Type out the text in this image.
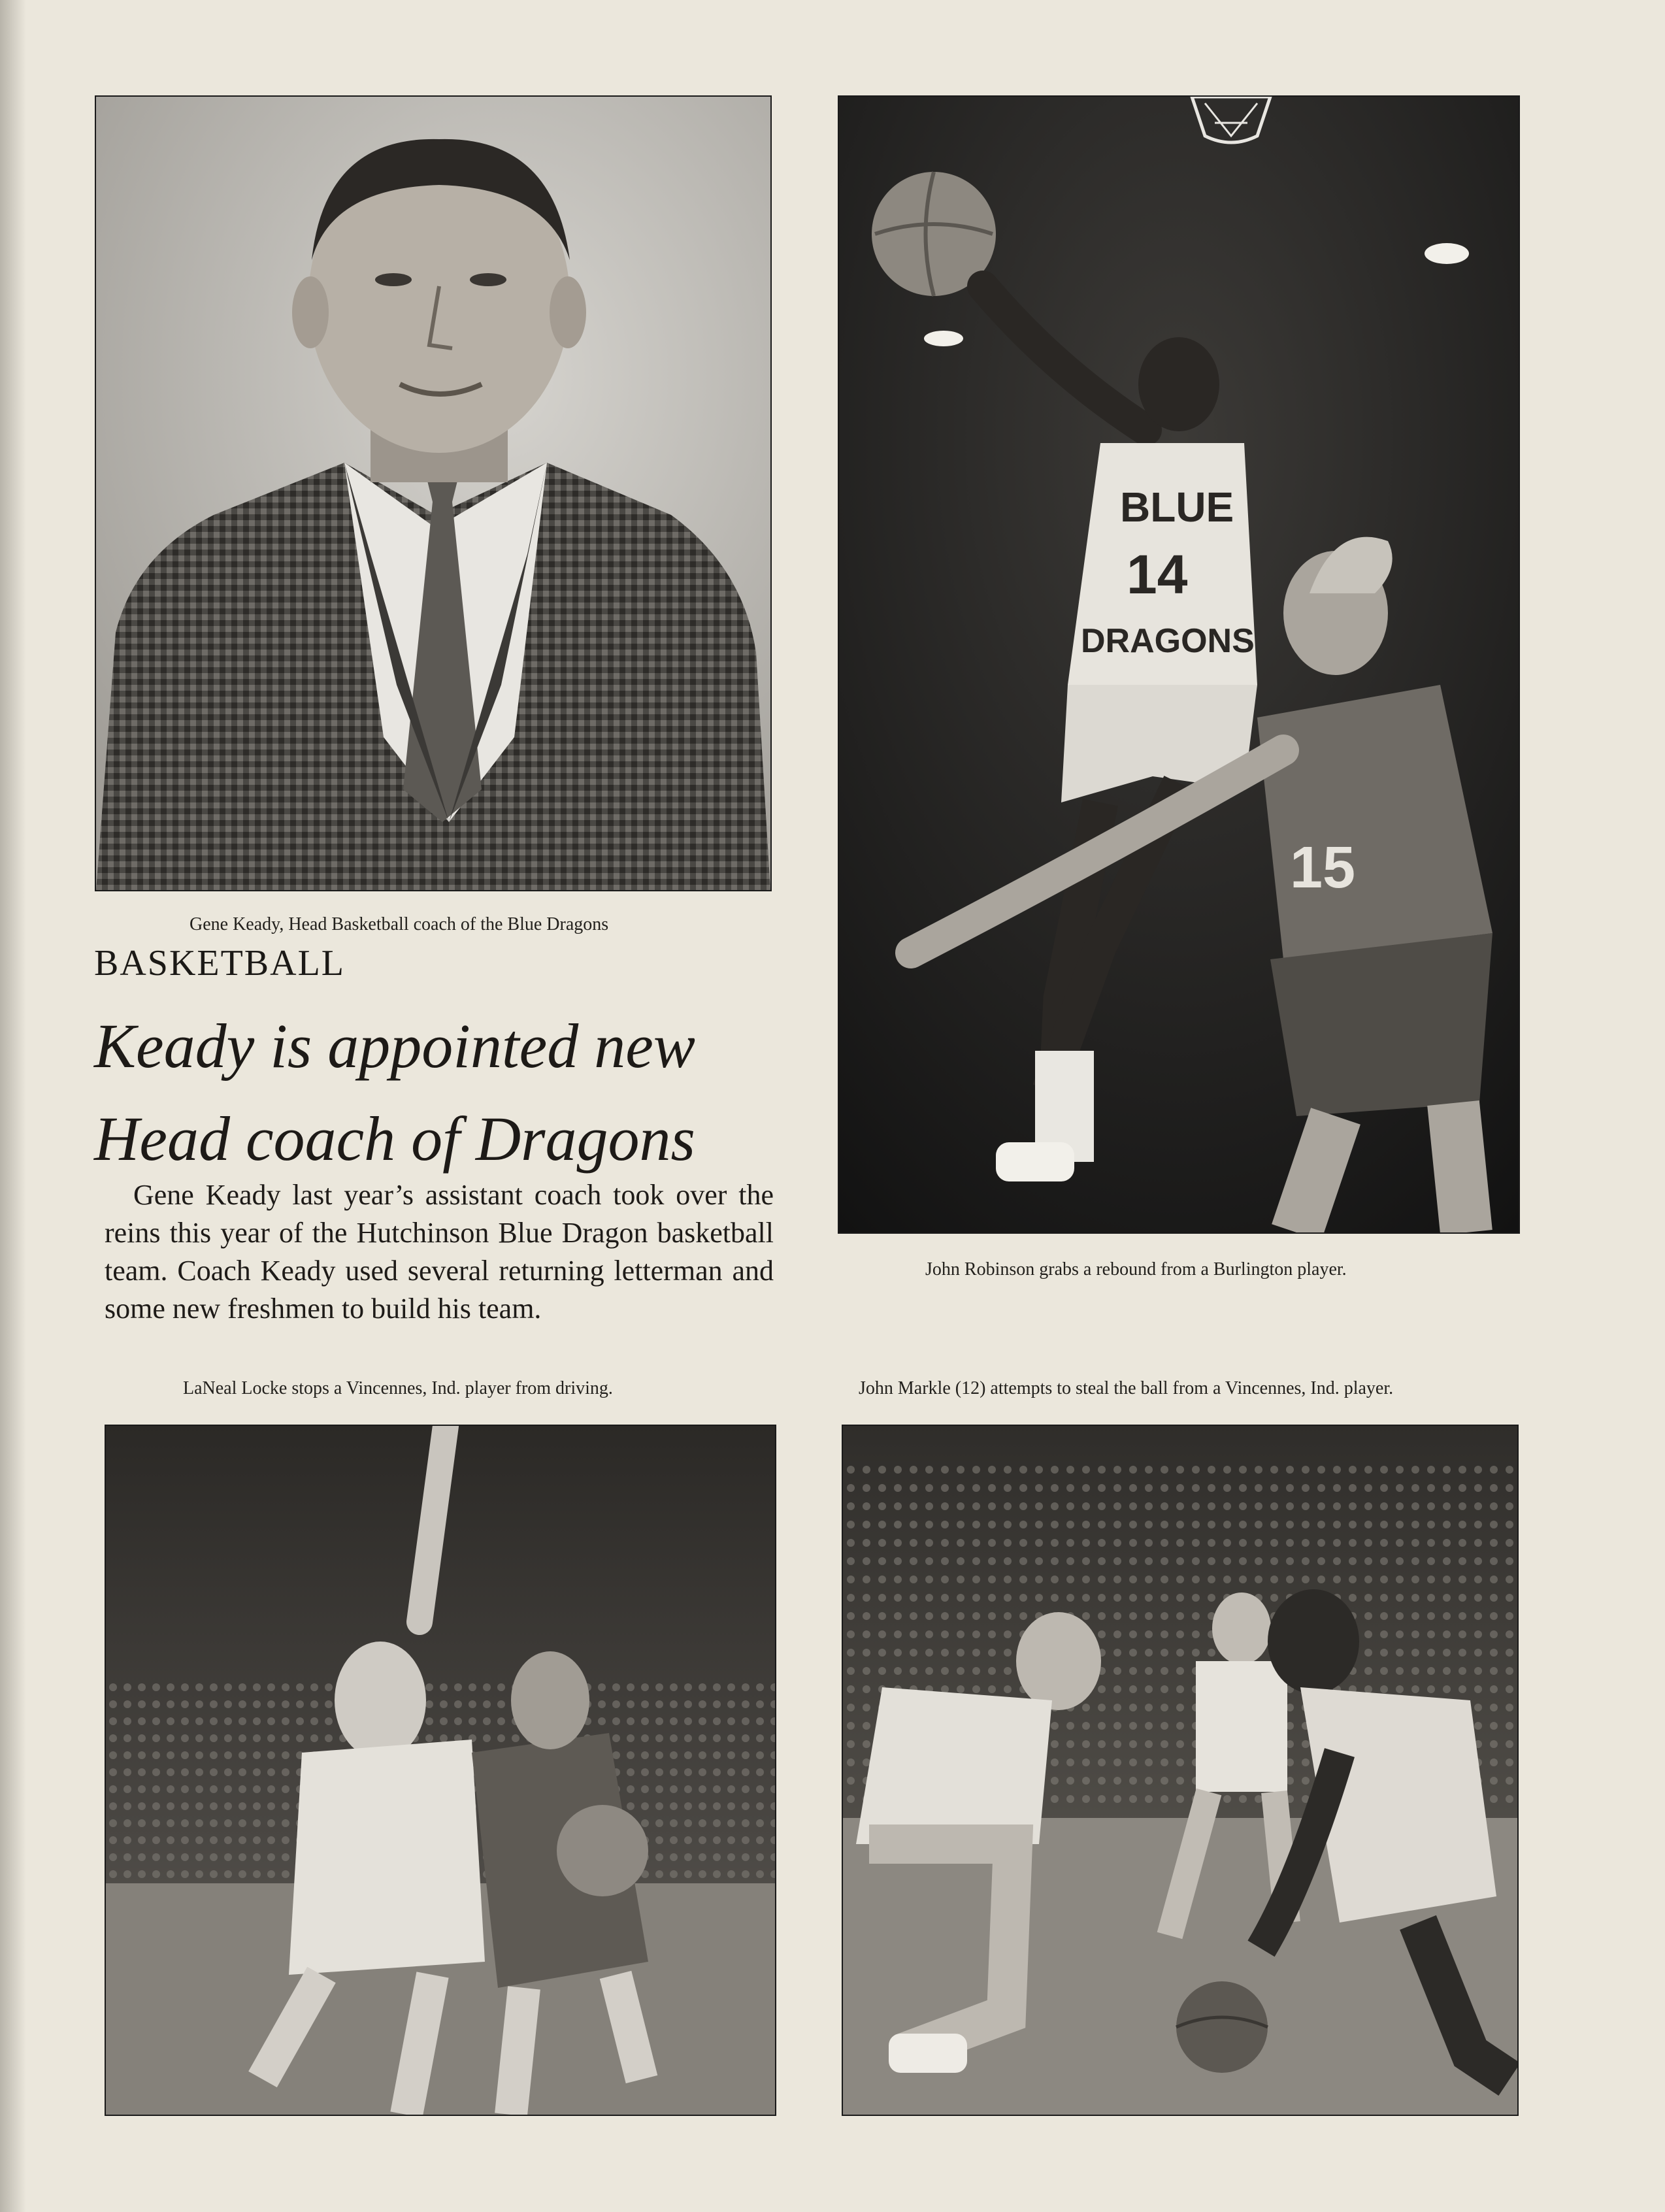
Gene Keady, Head Basketball coach of the Blue Dragons
BLUE
14
DRAGONS
15
John Robinson grabs a rebound from a Burlington player.
BASKETBALL
Keady is appointed new
Head coach of Dragons
Gene Keady last year’s assistant coach took over the reins this year of the Hutchinson Blue Dragon basketball team. Coach Keady used several returning letterman and some new freshmen to build his team.
LaNeal Locke stops a Vincennes, Ind. player from driving.	John Markle (12) attempts to steal the ball from a Vincennes, Ind. player.
